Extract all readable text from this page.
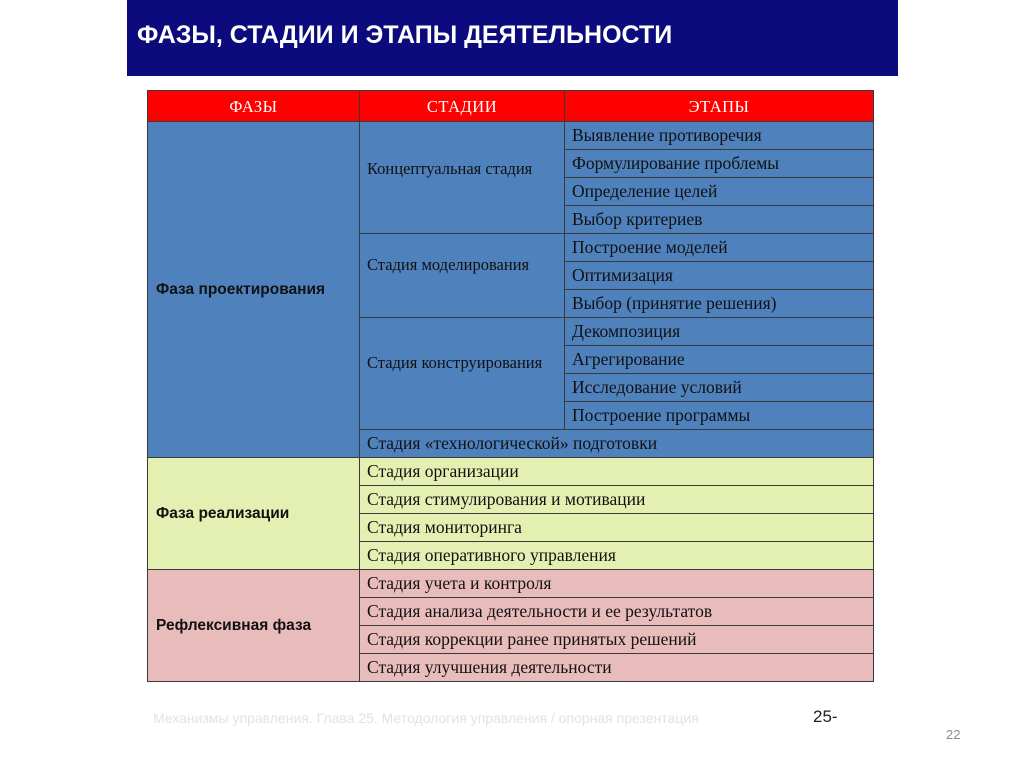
ФАЗЫ, СТАДИИ И ЭТАПЫ ДЕЯТЕЛЬНОСТИ
ФАЗЫ	СТАДИИ	ЭТАПЫ
Фаза проектирования	Концептуальная стадия	Выявление противоречия
		Формулирование проблемы
		Определение целей
		Выбор критериев
	Стадия моделирования	Построение моделей
		Оптимизация
		Выбор (принятие решения)
	Стадия конструирования	Декомпозиция
		Агрегирование
		Исследование условий
		Построение программы
	Стадия «технологической» подготовки	
Фаза реализации	Стадия организации	
	Стадия стимулирования и мотивации	
	Стадия мониторинга	
	Стадия оперативного управления	
Рефлексивная фаза	Стадия учета и контроля	
	Стадия анализа деятельности и ее результатов	
	Стадия коррекции ранее принятых решений	
	Стадия улучшения деятельности	
Механизмы управления. Глава 25. Методология управления / опорная презентация	25-
22
